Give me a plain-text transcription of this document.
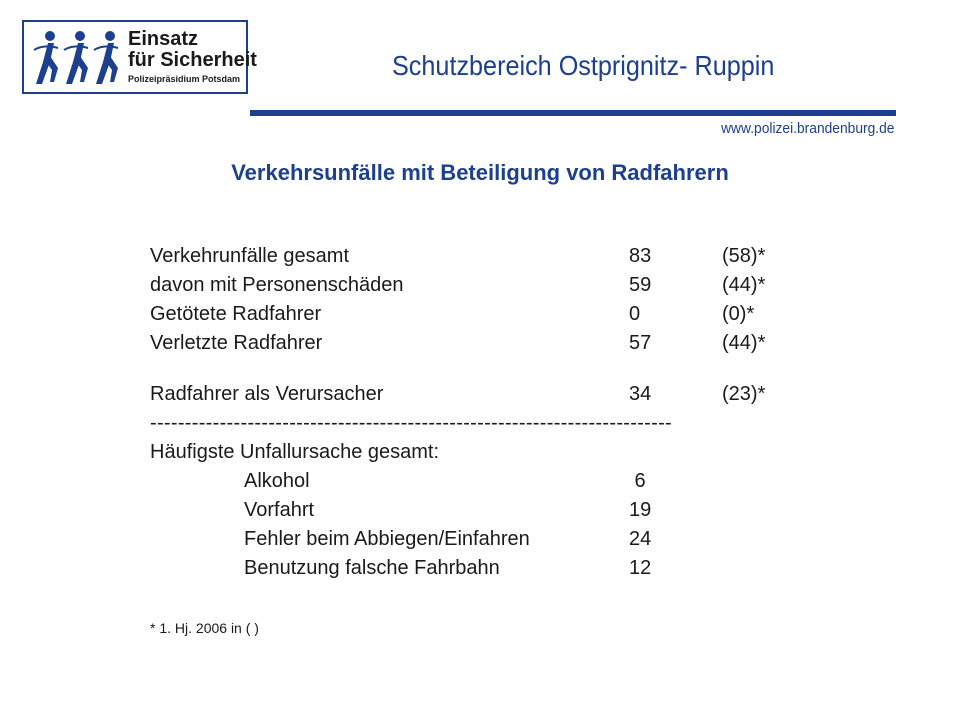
Einsatz
für Sicherheit
Polizeipräsidium Potsdam	Schutzbereich Ostprignitz- Ruppin
www.polizei.brandenburg.de
Verkehrsunfälle mit Beteiligung von Radfahrern
Verkehrunfälle gesamt	83	(58)*
davon mit Personenschäden	59	(44)*
Getötete Radfahrer	0	(0)*
Verletzte Radfahrer	57	(44)*
Radfahrer als Verursacher	34	(23)*
---------------------------------------------------------------------------
Häufigste Unfallursache gesamt:
Alkohol	6
Vorfahrt	19
Fehler beim Abbiegen/Einfahren	24
Benutzung falsche Fahrbahn	12
* 1. Hj. 2006 in ( )
